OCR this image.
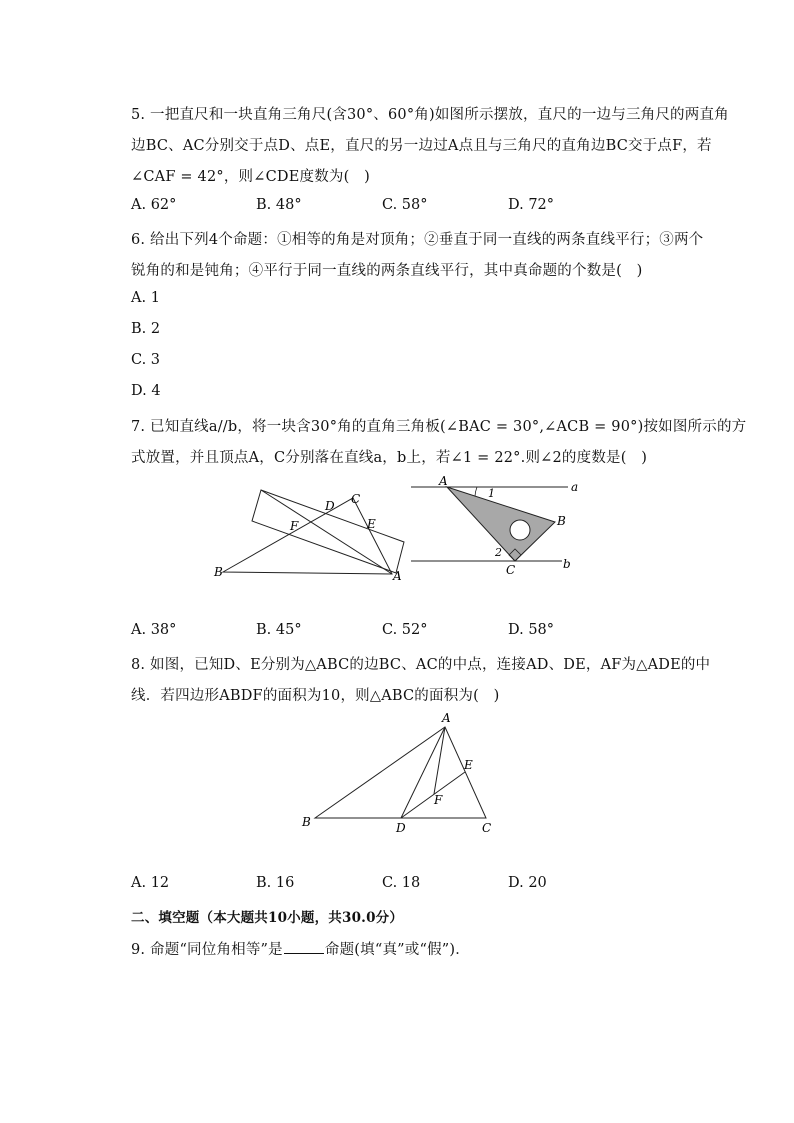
5. 一把直尺和一块直角三角尺(含30°、60°角)如图所示摆放，直尺的一边与三角尺的两直角
边BC、AC分别交于点D、点E，直尺的另一边过A点且与三角尺的直角边BC交于点F，若
∠CAF = 42°，则∠CDE度数为(　)
A. 62°	B. 48°	C. 58°	D. 72°
6. 给出下列4个命题：①相等的角是对顶角；②垂直于同一直线的两条直线平行；③两个
锐角的和是钝角；④平行于同一直线的两条直线平行，其中真命题的个数是(　)
A. 1
B. 2
C. 3
D. 4
7. 已知直线a//b，将一块含30°角的直角三角板(∠BAC = 30°,∠ACB = 90°)按如图所示的方
式放置，并且顶点A，C分别落在直线a，b上，若∠1 = 22°.则∠2的度数是(　)
B	A
C
D
E
F
A
B
C
a
b
1
2
A. 38°	B. 45°	C. 52°	D. 58°
8. 如图，已知D、E分别为△ABC的边BC、AC的中点，连接AD、DE，AF为△ADE的中
线．若四边形ABDF的面积为10，则△ABC的面积为(　)
A
B	C
D
E
F
A. 12	B. 16	C. 18	D. 20
二、填空题（本大题共10小题，共30.0分）
9. 命题“同位角相等”是	命题(填“真”或“假”)．
